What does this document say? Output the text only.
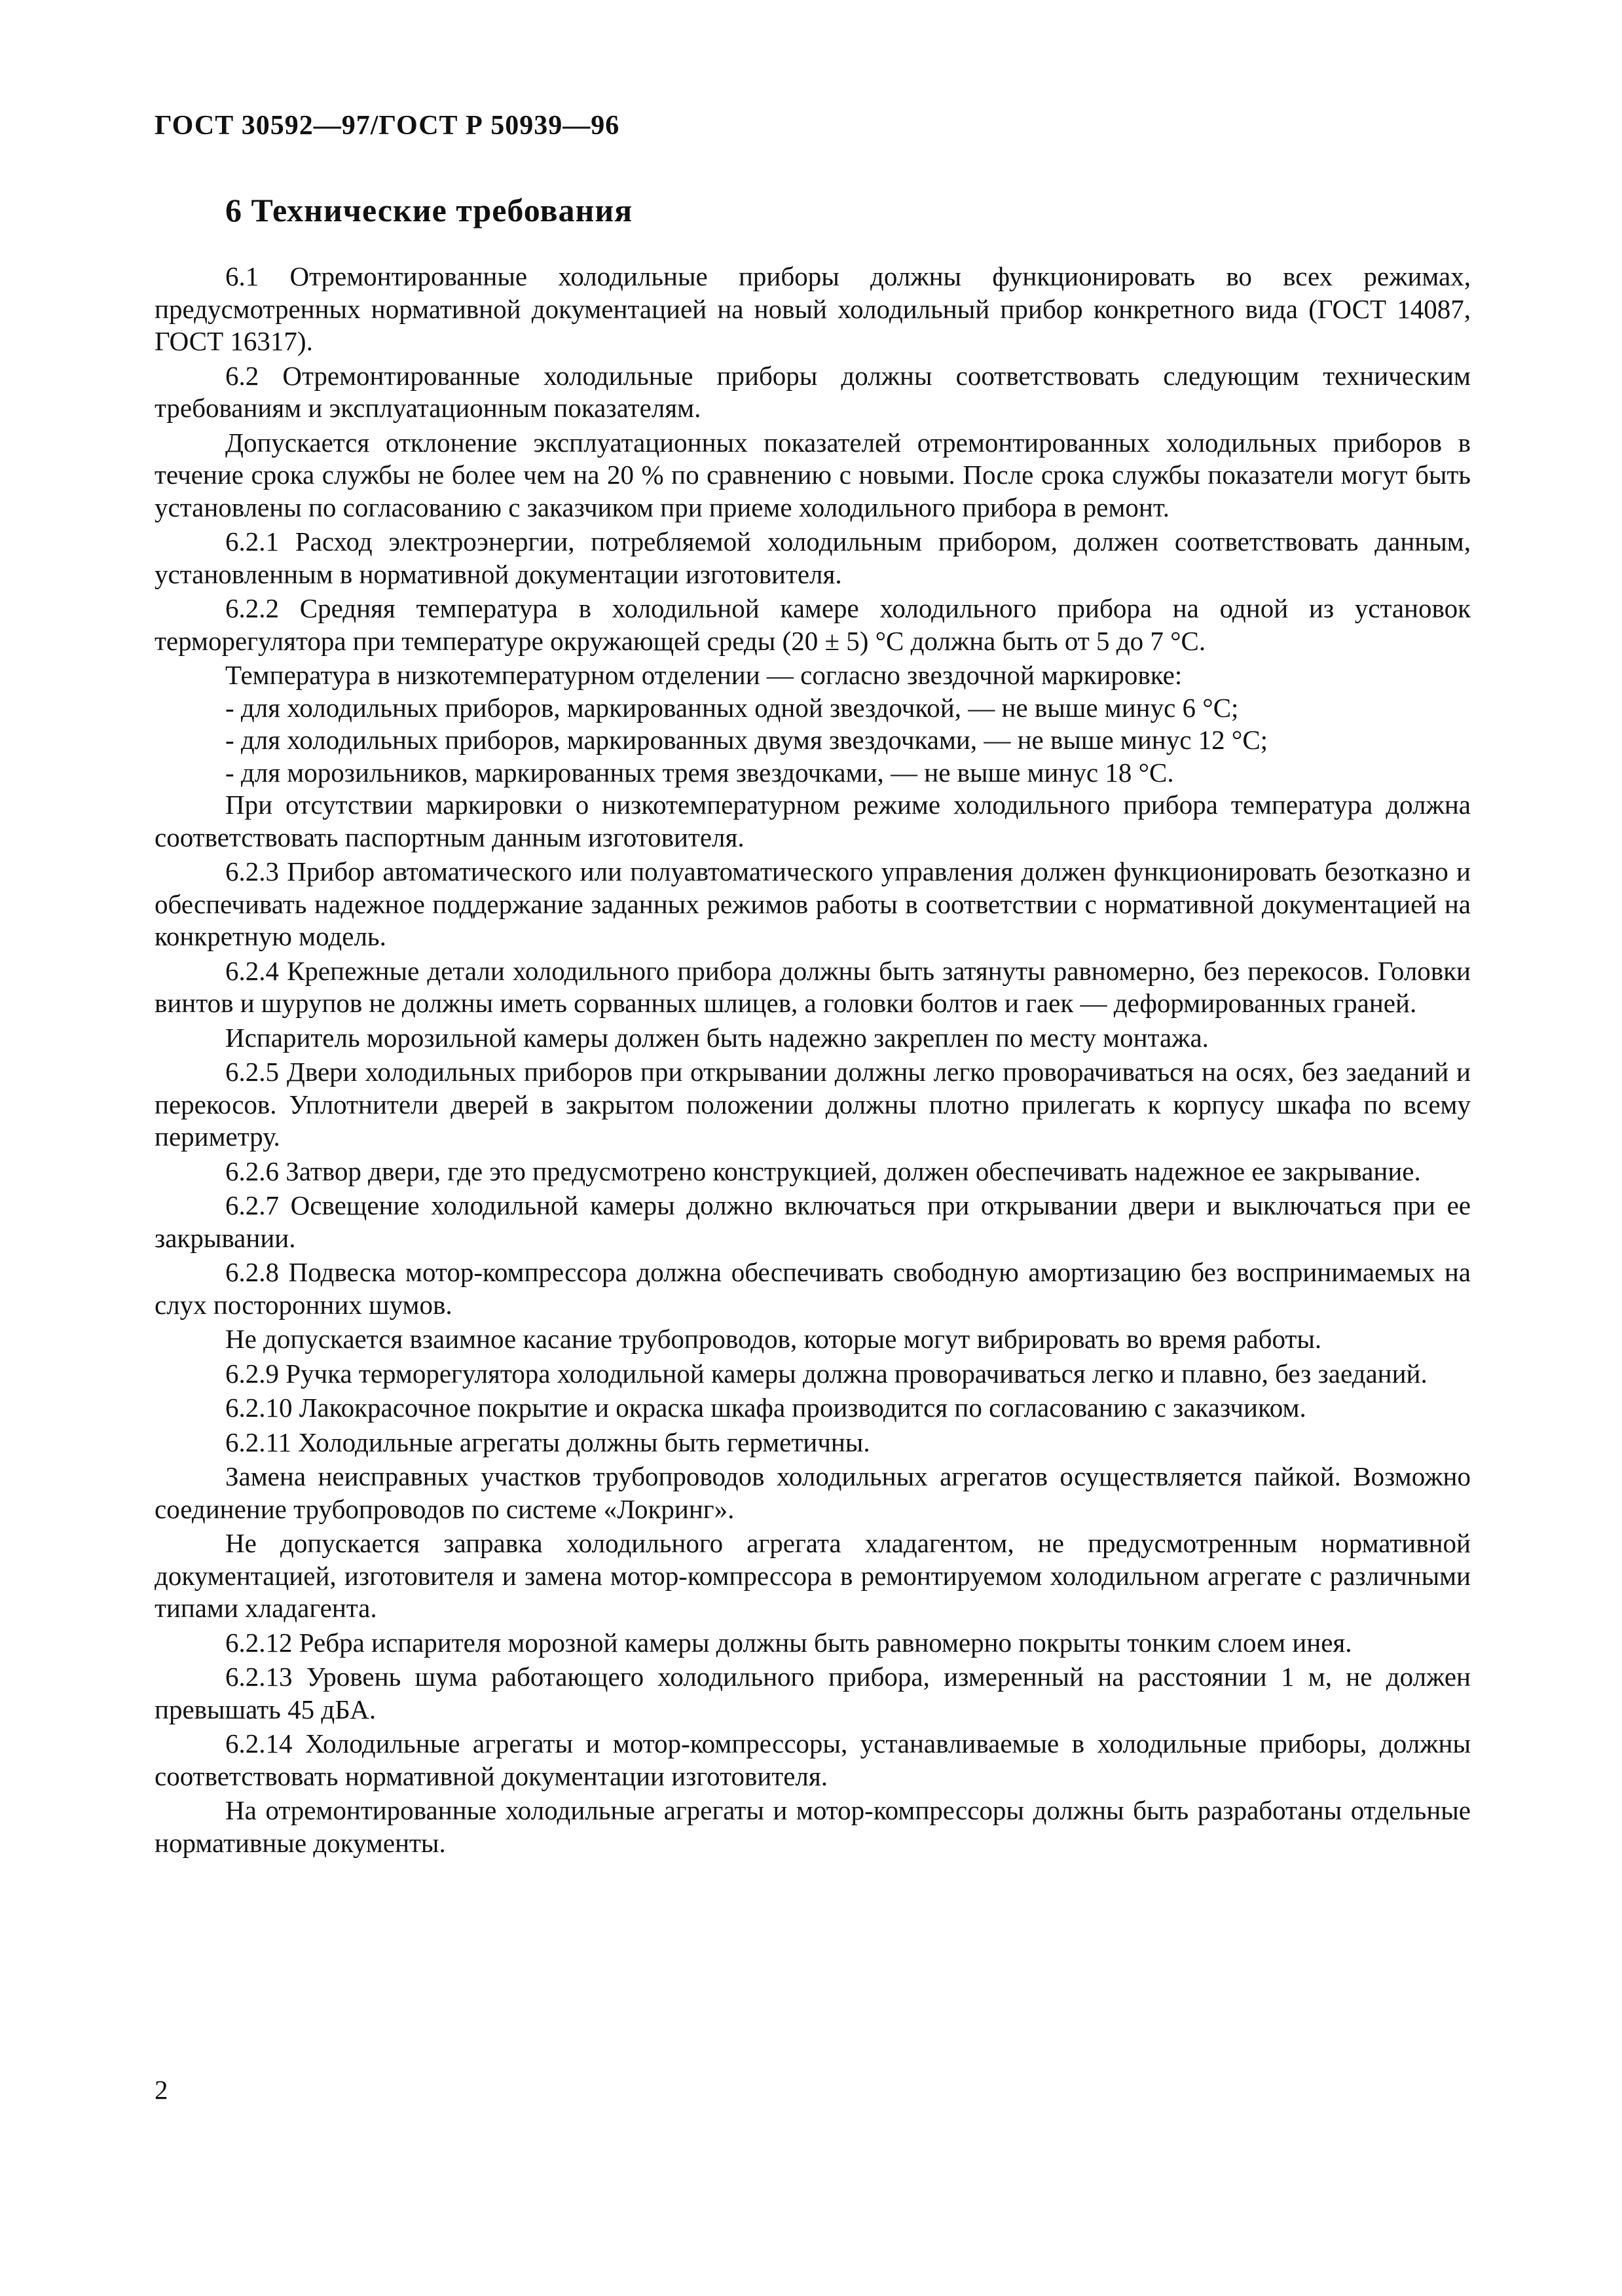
ГОСТ 30592—97/ГОСТ Р 50939—96
6 Технические требования

6.1 Отремонтированные холодильные приборы должны функционировать во всех режимах, предусмотренных нормативной документацией на новый холодильный прибор конкретного вида (ГОСТ 14087, ГОСТ 16317).

6.2 Отремонтированные холодильные приборы должны соответствовать следующим техническим требованиям и эксплуатационным показателям.

Допускается отклонение эксплуатационных показателей отремонтированных холодильных приборов в течение срока службы не более чем на 20 % по сравнению с новыми. После срока службы показатели могут быть установлены по согласованию с заказчиком при приеме холодильного прибора в ремонт.

6.2.1 Расход электроэнергии, потребляемой холодильным прибором, должен соответствовать данным, установленным в нормативной документации изготовителя.

6.2.2 Средняя температура в холодильной камере холодильного прибора на одной из установок терморегулятора при температуре окружающей среды (20 ± 5) °С должна быть от 5 до 7 °С.

Температура в низкотемпературном отделении — согласно звездочной маркировке:

- для холодильных приборов, маркированных одной звездочкой, — не выше минус 6 °С;

- для холодильных приборов, маркированных двумя звездочками, — не выше минус 12 °С;

- для морозильников, маркированных тремя звездочками, — не выше минус 18 °С.

При отсутствии маркировки о низкотемпературном режиме холодильного прибора температура должна соответствовать паспортным данным изготовителя.

6.2.3 Прибор автоматического или полуавтоматического управления должен функционировать безотказно и обеспечивать надежное поддержание заданных режимов работы в соответствии с нормативной документацией на конкретную модель.

6.2.4 Крепежные детали холодильного прибора должны быть затянуты равномерно, без перекосов. Головки винтов и шурупов не должны иметь сорванных шлицев, а головки болтов и гаек — деформированных граней.

Испаритель морозильной камеры должен быть надежно закреплен по месту монтажа.

6.2.5 Двери холодильных приборов при открывании должны легко проворачиваться на осях, без заеданий и перекосов. Уплотнители дверей в закрытом положении должны плотно прилегать к корпусу шкафа по всему периметру.

6.2.6 Затвор двери, где это предусмотрено конструкцией, должен обеспечивать надежное ее закрывание.

6.2.7 Освещение холодильной камеры должно включаться при открывании двери и выключаться при ее закрывании.

6.2.8 Подвеска мотор-компрессора должна обеспечивать свободную амортизацию без воспринимаемых на слух посторонних шумов.

Не допускается взаимное касание трубопроводов, которые могут вибрировать во время работы.

6.2.9 Ручка терморегулятора холодильной камеры должна проворачиваться легко и плавно, без заеданий.

6.2.10 Лакокрасочное покрытие и окраска шкафа производится по согласованию с заказчиком.

6.2.11 Холодильные агрегаты должны быть герметичны.

Замена неисправных участков трубопроводов холодильных агрегатов осуществляется пайкой. Возможно соединение трубопроводов по системе «Локринг».

Не допускается заправка холодильного агрегата хладагентом, не предусмотренным нормативной документацией, изготовителя и замена мотор-компрессора в ремонтируемом холодильном агрегате с различными типами хладагента.

6.2.12 Ребра испарителя морозной камеры должны быть равномерно покрыты тонким слоем инея.

6.2.13 Уровень шума работающего холодильного прибора, измеренный на расстоянии 1 м, не должен превышать 45 дБА.

6.2.14 Холодильные агрегаты и мотор-компрессоры, устанавливаемые в холодильные приборы, должны соответствовать нормативной документации изготовителя.

На отремонтированные холодильные агрегаты и мотор-компрессоры должны быть разработаны отдельные нормативные документы.

2
